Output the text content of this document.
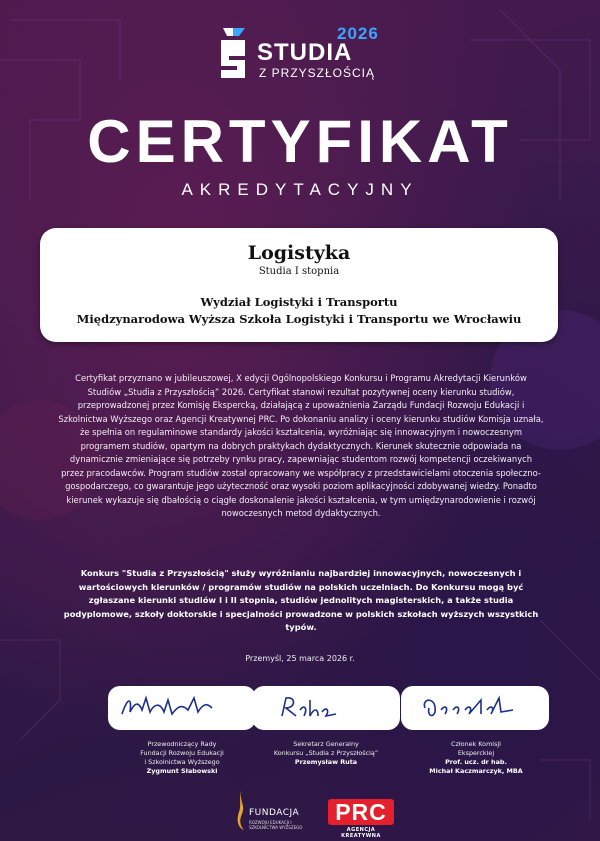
2026
STUDIA
Z PRZYSZŁOŚCIĄ
CERTYFIKAT
AKREDYTACYJNY
Logistyka
Studia I stopnia
Wydział Logistyki i Transportu
Międzynarodowa Wyższa Szkoła Logistyki i Transportu we Wrocławiu
Certyfikat przyznano w jubileuszowej, X edycji Ogólnopolskiego Konkursu i Programu Akredytacji Kierunków Studiów „Studia z Przyszłością” 2026. Certyfikat stanowi rezultat pozytywnej oceny kierunku studiów, przeprowadzonej przez Komisję Ekspercką, działającą z upoważnienia Zarządu Fundacji Rozwoju Edukacji i Szkolnictwa Wyższego oraz Agencji Kreatywnej PRC. Po dokonaniu analizy i oceny kierunku studiów Komisja uznała, że spełnia on regulaminowe standardy jakości kształcenia, wyróżniając się innowacyjnym i nowoczesnym programem studiów, opartym na dobrych praktykach dydaktycznych. Kierunek skutecznie odpowiada na dynamicznie zmieniające się potrzeby rynku pracy, zapewniając studentom rozwój kompetencji oczekiwanych przez pracodawców. Program studiów został opracowany we współpracy z przedstawicielami otoczenia społeczno-gospodarczego, co gwarantuje jego użyteczność oraz wysoki poziom aplikacyjności zdobywanej wiedzy. Ponadto kierunek wykazuje się dbałością o ciągłe doskonalenie jakości kształcenia, w tym umiędzynarodowienie i rozwój nowoczesnych metod dydaktycznych.
Konkurs "Studia z Przyszłością" służy wyróżnianiu najbardziej innowacyjnych, nowoczesnych i wartościowych kierunków / programów studiów na polskich uczelniach. Do Konkursu mogą być zgłaszane kierunki studiów I i II stopnia, studiów jednolitych magisterskich, a także studia podyplomowe, szkoły doktorskie i specjalności prowadzone w polskich szkołach wyższych wszystkich typów.
Przemyśl, 25 marca 2026 r.
Przewodniczący Rady
Fundacji Rozwoju Edukacji
i Szkolnictwa Wyższego
Zygmunt Słabowski
Sekretarz Generalny
Konkursu „Studia z Przyszłością”
Przemysław Ruta
Członek Komisji
Eksperckiej
Prof. ucz. dr hab.
Michał Kaczmarczyk, MBA
FUNDACJA
ROZWOJU EDUKACJI I SZKOLNICTWA WYŻSZEGO
PRC
AGENCJA KREATYWNA
